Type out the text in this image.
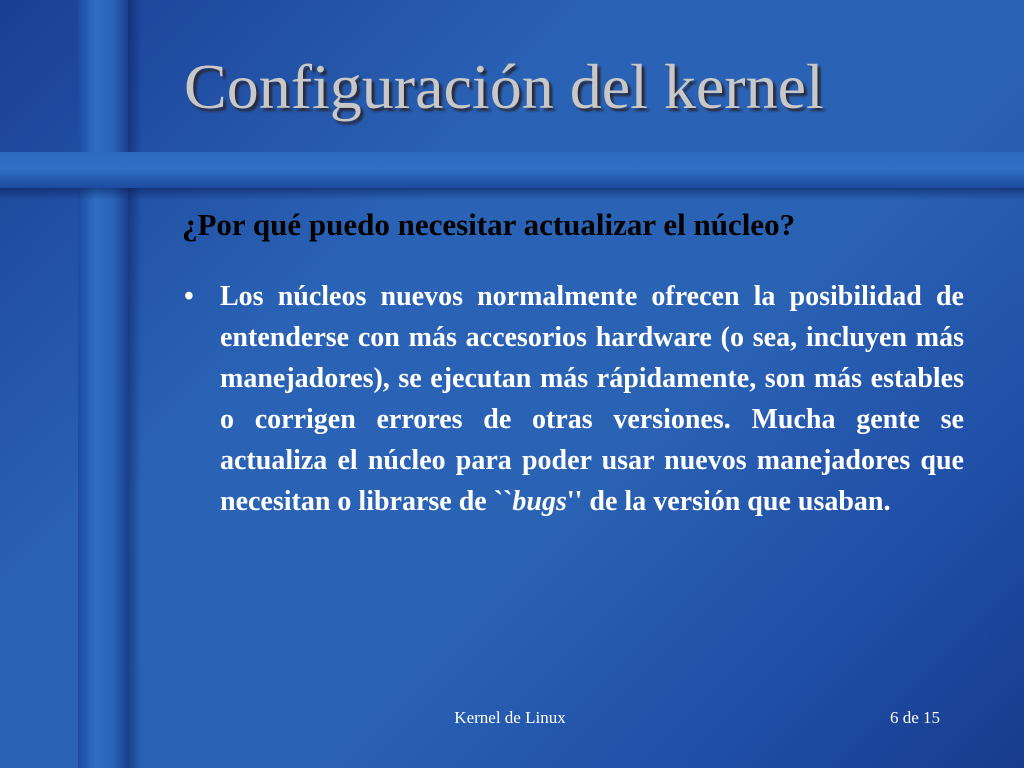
Configuración del kernel
¿Por qué puedo necesitar actualizar el núcleo?
• Los núcleos nuevos normalmente ofrecen la posibilidad de entenderse con más accesorios hardware (o sea, incluyen más manejadores), se ejecutan más rápidamente, son más estables o corrigen errores de otras versiones. Mucha gente se actualiza el núcleo para poder usar nuevos manejadores que necesitan o librarse de ``bugs'' de la versión que usaban.

Kernel de Linux	6 de 15
